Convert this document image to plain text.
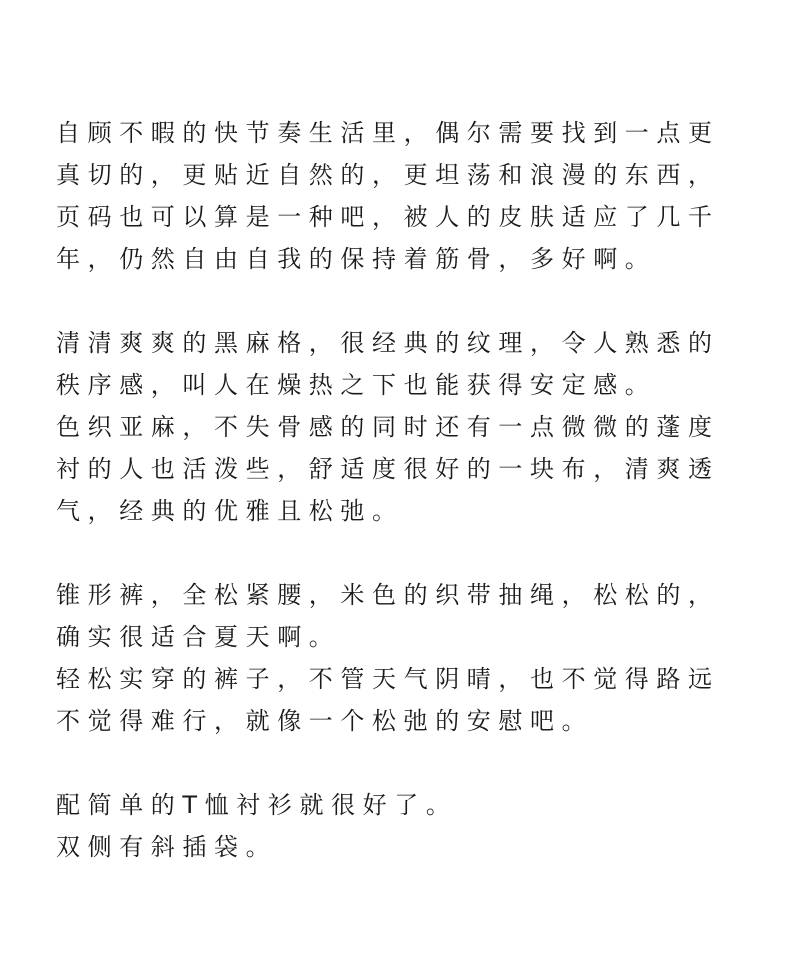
自顾不暇的快节奏生活里，偶尔需要找到一点更
真切的，更贴近自然的，更坦荡和浪漫的东西，
页码也可以算是一种吧，被人的皮肤适应了几千
年，仍然自由自我的保持着筋骨，多好啊。

清清爽爽的黑麻格，很经典的纹理，令人熟悉的
秩序感，叫人在燥热之下也能获得安定感。
色织亚麻，不失骨感的同时还有一点微微的蓬度
衬的人也活泼些，舒适度很好的一块布，清爽透
气，经典的优雅且松弛。

锥形裤，全松紧腰，米色的织带抽绳，松松的，
确实很适合夏天啊。
轻松实穿的裤子，不管天气阴晴，也不觉得路远
不觉得难行，就像一个松弛的安慰吧。

配简单的T恤衬衫就很好了。
双侧有斜插袋。
